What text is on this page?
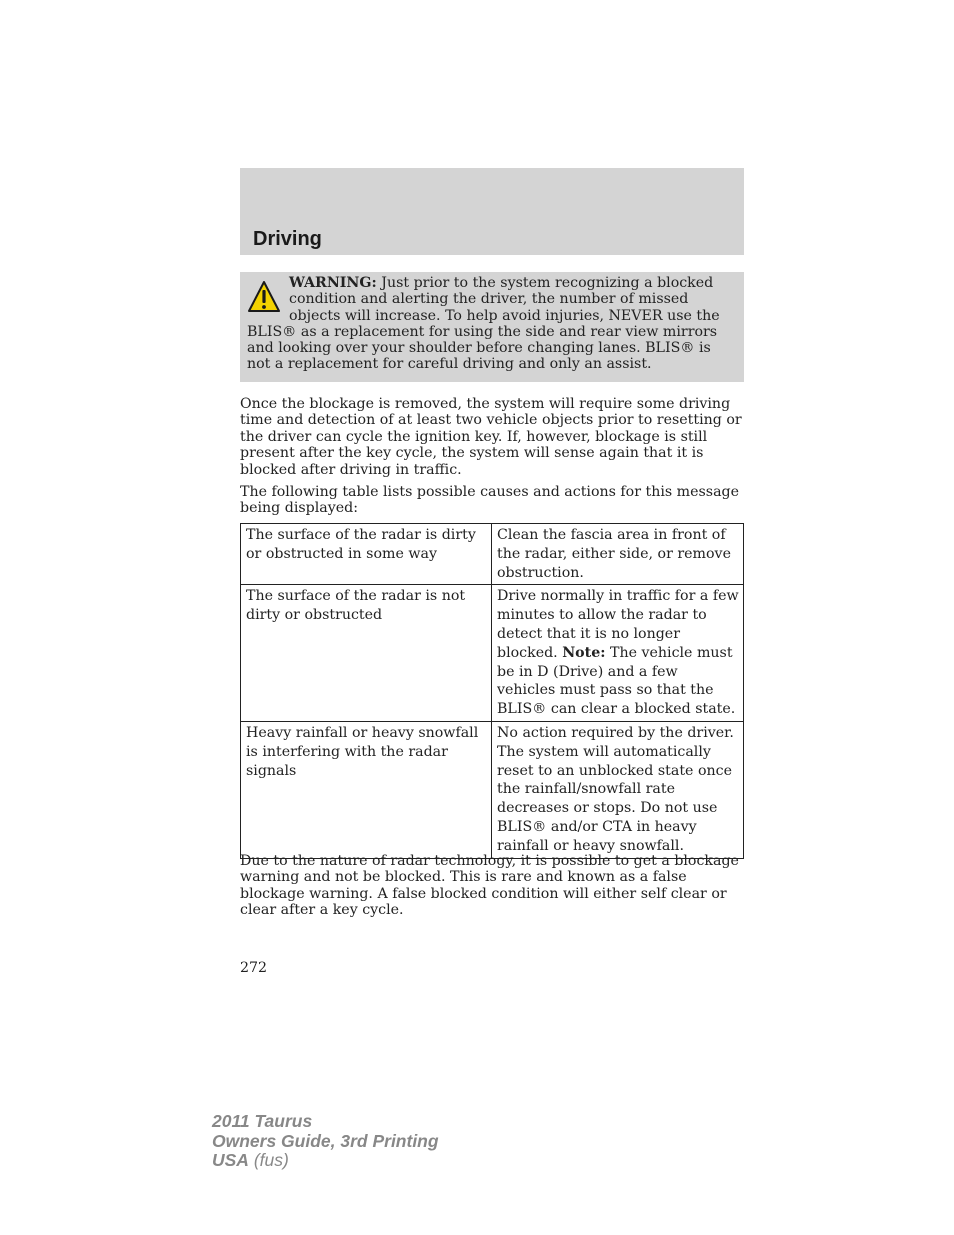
Driving
WARNING: Just prior to the system recognizing a blocked condition and alerting the driver, the number of missed objects will increase. To help avoid injuries, NEVER use the BLIS® as a replacement for using the side and rear view mirrors and looking over your shoulder before changing lanes. BLIS® is not a replacement for careful driving and only an assist.

Once the blockage is removed, the system will require some driving time and detection of at least two vehicle objects prior to resetting or the driver can cycle the ignition key. If, however, blockage is still present after the key cycle, the system will sense again that it is blocked after driving in traffic.

The following table lists possible causes and actions for this message being displayed:

The surface of the radar is dirty or obstructed in some way	Clean the fascia area in front of the radar, either side, or remove obstruction.
The surface of the radar is not dirty or obstructed	Drive normally in traffic for a few minutes to allow the radar to detect that it is no longer blocked. Note: The vehicle must be in D (Drive) and a few vehicles must pass so that the BLIS® can clear a blocked state.
Heavy rainfall or heavy snowfall is interfering with the radar signals	No action required by the driver. The system will automatically reset to an unblocked state once the rainfall/snowfall rate decreases or stops. Do not use BLIS® and/or CTA in heavy rainfall or heavy snowfall.

Due to the nature of radar technology, it is possible to get a blockage warning and not be blocked. This is rare and known as a false blockage warning. A false blocked condition will either self clear or clear after a key cycle.

272
2011 Taurus
Owners Guide, 3rd Printing
USA (fus)
